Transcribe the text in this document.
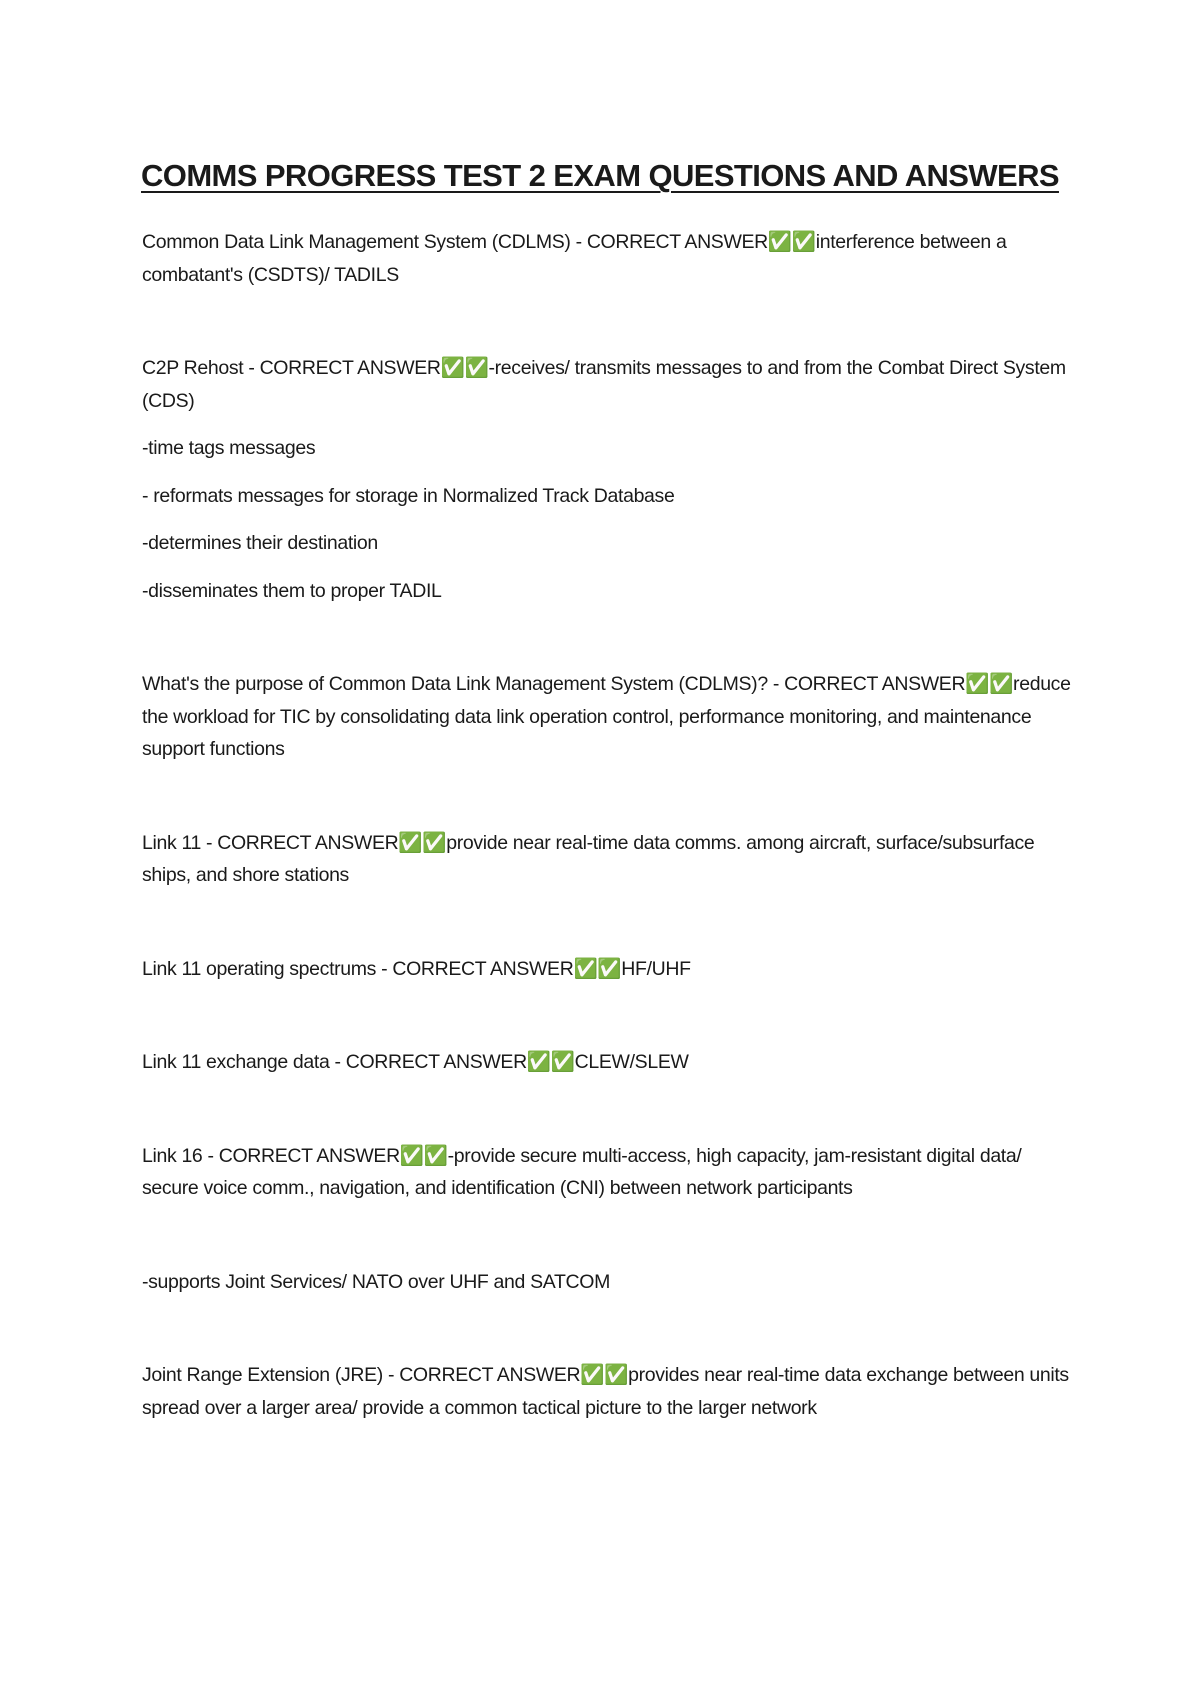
COMMS PROGRESS TEST 2 EXAM QUESTIONS AND ANSWERS

Common Data Link Management System (CDLMS) - CORRECT ANSWER✅✅interference between a combatant's (CSDTS)/ TADILS

C2P Rehost - CORRECT ANSWER✅✅-receives/ transmits messages to and from the Combat Direct System (CDS)

-time tags messages

- reformats messages for storage in Normalized Track Database

-determines their destination

-disseminates them to proper TADIL

What's the purpose of Common Data Link Management System (CDLMS)? - CORRECT ANSWER✅✅reduce the workload for TIC by consolidating data link operation control, performance monitoring, and maintenance support functions

Link 11 - CORRECT ANSWER✅✅provide near real-time data comms. among aircraft, surface/subsurface ships, and shore stations

Link 11 operating spectrums - CORRECT ANSWER✅✅HF/UHF

Link 11 exchange data - CORRECT ANSWER✅✅CLEW/SLEW

Link 16 - CORRECT ANSWER✅✅-provide secure multi-access, high capacity, jam-resistant digital data/ secure voice comm., navigation, and identification (CNI) between network participants

-supports Joint Services/ NATO over UHF and SATCOM

Joint Range Extension (JRE) - CORRECT ANSWER✅✅provides near real-time data exchange between units spread over a larger area/ provide a common tactical picture to the larger network
